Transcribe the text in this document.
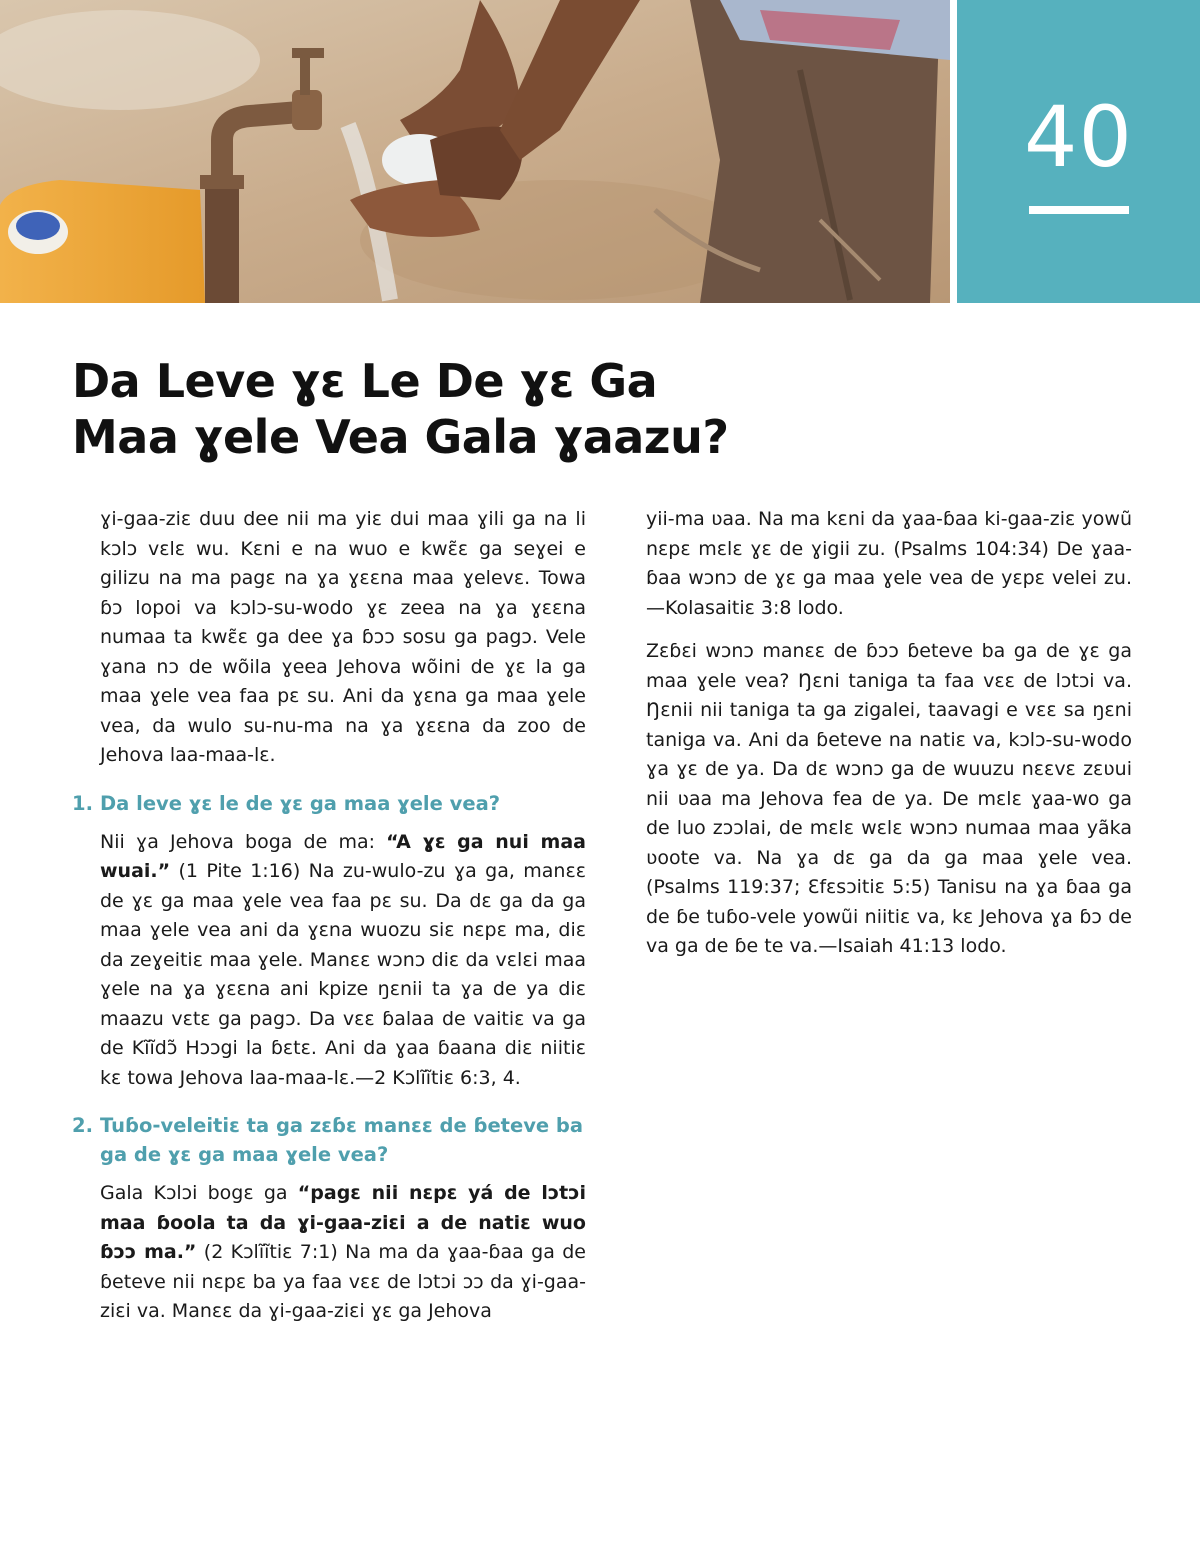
40
Da Leve ɣɛ Le De ɣɛ Ga
Maa ɣele Vea Gala ɣaazu?

ɣi-gaa-ziɛ duu dee nii ma yiɛ dui maa ɣili ga na li kɔlɔ vɛlɛ wu. Kɛni e na wuo e kwɛ̃ɛ ga seɣei e gilizu na ma pagɛ na ɣa ɣɛɛna maa ɣelevɛ. Towa ɓɔ lopoi va kɔlɔ-su-wodo ɣɛ zeea na ɣa ɣɛɛna numaa ta kwɛ̃ɛ ga dee ɣa ɓɔɔ sosu ga pagɔ. Vele ɣana nɔ de wõila ɣeea Jehova wõini de ɣɛ la ga maa ɣele vea faa pɛ su. Ani da ɣɛna ga maa ɣele vea, da wulo su-nu-ma na ɣa ɣɛɛna da zoo de Jehova laa-maa-lɛ.

1. Da leve ɣɛ le de ɣɛ ga maa ɣele vea?

Nii ɣa Jehova boga de ma: “A ɣɛ ga nui maa wuai.” (1 Pite 1:16) Na zu-wulo-zu ɣa ga, manɛɛ de ɣɛ ga maa ɣele vea faa pɛ su. Da dɛ ga da ga maa ɣele vea ani da ɣɛna wuozu siɛ nɛpɛ ma, diɛ da zeɣeitiɛ maa ɣele. Manɛɛ wɔnɔ diɛ da vɛlɛi maa ɣele na ɣa ɣɛɛna ani kpize ŋɛnii ta ɣa de ya diɛ maazu vɛtɛ ga pagɔ. Da vɛɛ ɓalaa de vaitiɛ va ga de Kĩĩdɔ̃ Hɔɔgi la ɓɛtɛ. Ani da ɣaa ɓaana diɛ niitiɛ kɛ towa Jehova laa-maa-lɛ.—2 Kɔlĩĩtiɛ 6:3, 4.

2. Tuɓo-veleitiɛ ta ga zɛɓɛ manɛɛ de ɓeteve ba ga de ɣɛ ga maa ɣele vea?

Gala Kɔlɔi bogɛ ga “pagɛ nii nɛpɛ yá de lɔtɔi maa ɓoola ta da ɣi-gaa-ziɛi a de natiɛ wuo ɓɔɔ ma.” (2 Kɔlĩĩtiɛ 7:1) Na ma da ɣaa-ɓaa ga de ɓeteve nii nɛpɛ ba ya faa vɛɛ de lɔtɔi ɔɔ da ɣi-gaa-ziɛi va. Manɛɛ da ɣi-gaa-ziɛi ɣɛ ga Jehova

yii-ma ʋaa. Na ma kɛni da ɣaa-ɓaa ki-gaa-ziɛ yowũ nɛpɛ mɛlɛ ɣɛ de ɣigii zu. (Psalms 104:34) De ɣaa-ɓaa wɔnɔ de ɣɛ ga maa ɣele vea de yɛpɛ velei zu.—Kolasaitiɛ 3:8 lodo.

Zɛɓɛi wɔnɔ manɛɛ de ɓɔɔ ɓeteve ba ga de ɣɛ ga maa ɣele vea? Ŋɛni taniga ta faa vɛɛ de lɔtɔi va. Ŋɛnii nii taniga ta ga zigalei, taavagi e vɛɛ sa ŋɛni taniga va. Ani da ɓeteve na natiɛ va, kɔlɔ-su-wodo ɣa ɣɛ de ya. Da dɛ wɔnɔ ga de wuuzu nɛɛvɛ zɛʋui nii ʋaa ma Jehova fea de ya. De mɛlɛ ɣaa-wo ga de luo zɔɔlai, de mɛlɛ wɛlɛ wɔnɔ numaa maa yãka ʋoote va. Na ɣa dɛ ga da ga maa ɣele vea. (Psalms 119:37; Ɛfɛsɔitiɛ 5:5) Tanisu na ɣa ɓaa ga de ɓe tuɓo-vele yowũi niitiɛ va, kɛ Jehova ɣa ɓɔ de va ga de ɓe te va.—Isaiah 41:13 lodo.
